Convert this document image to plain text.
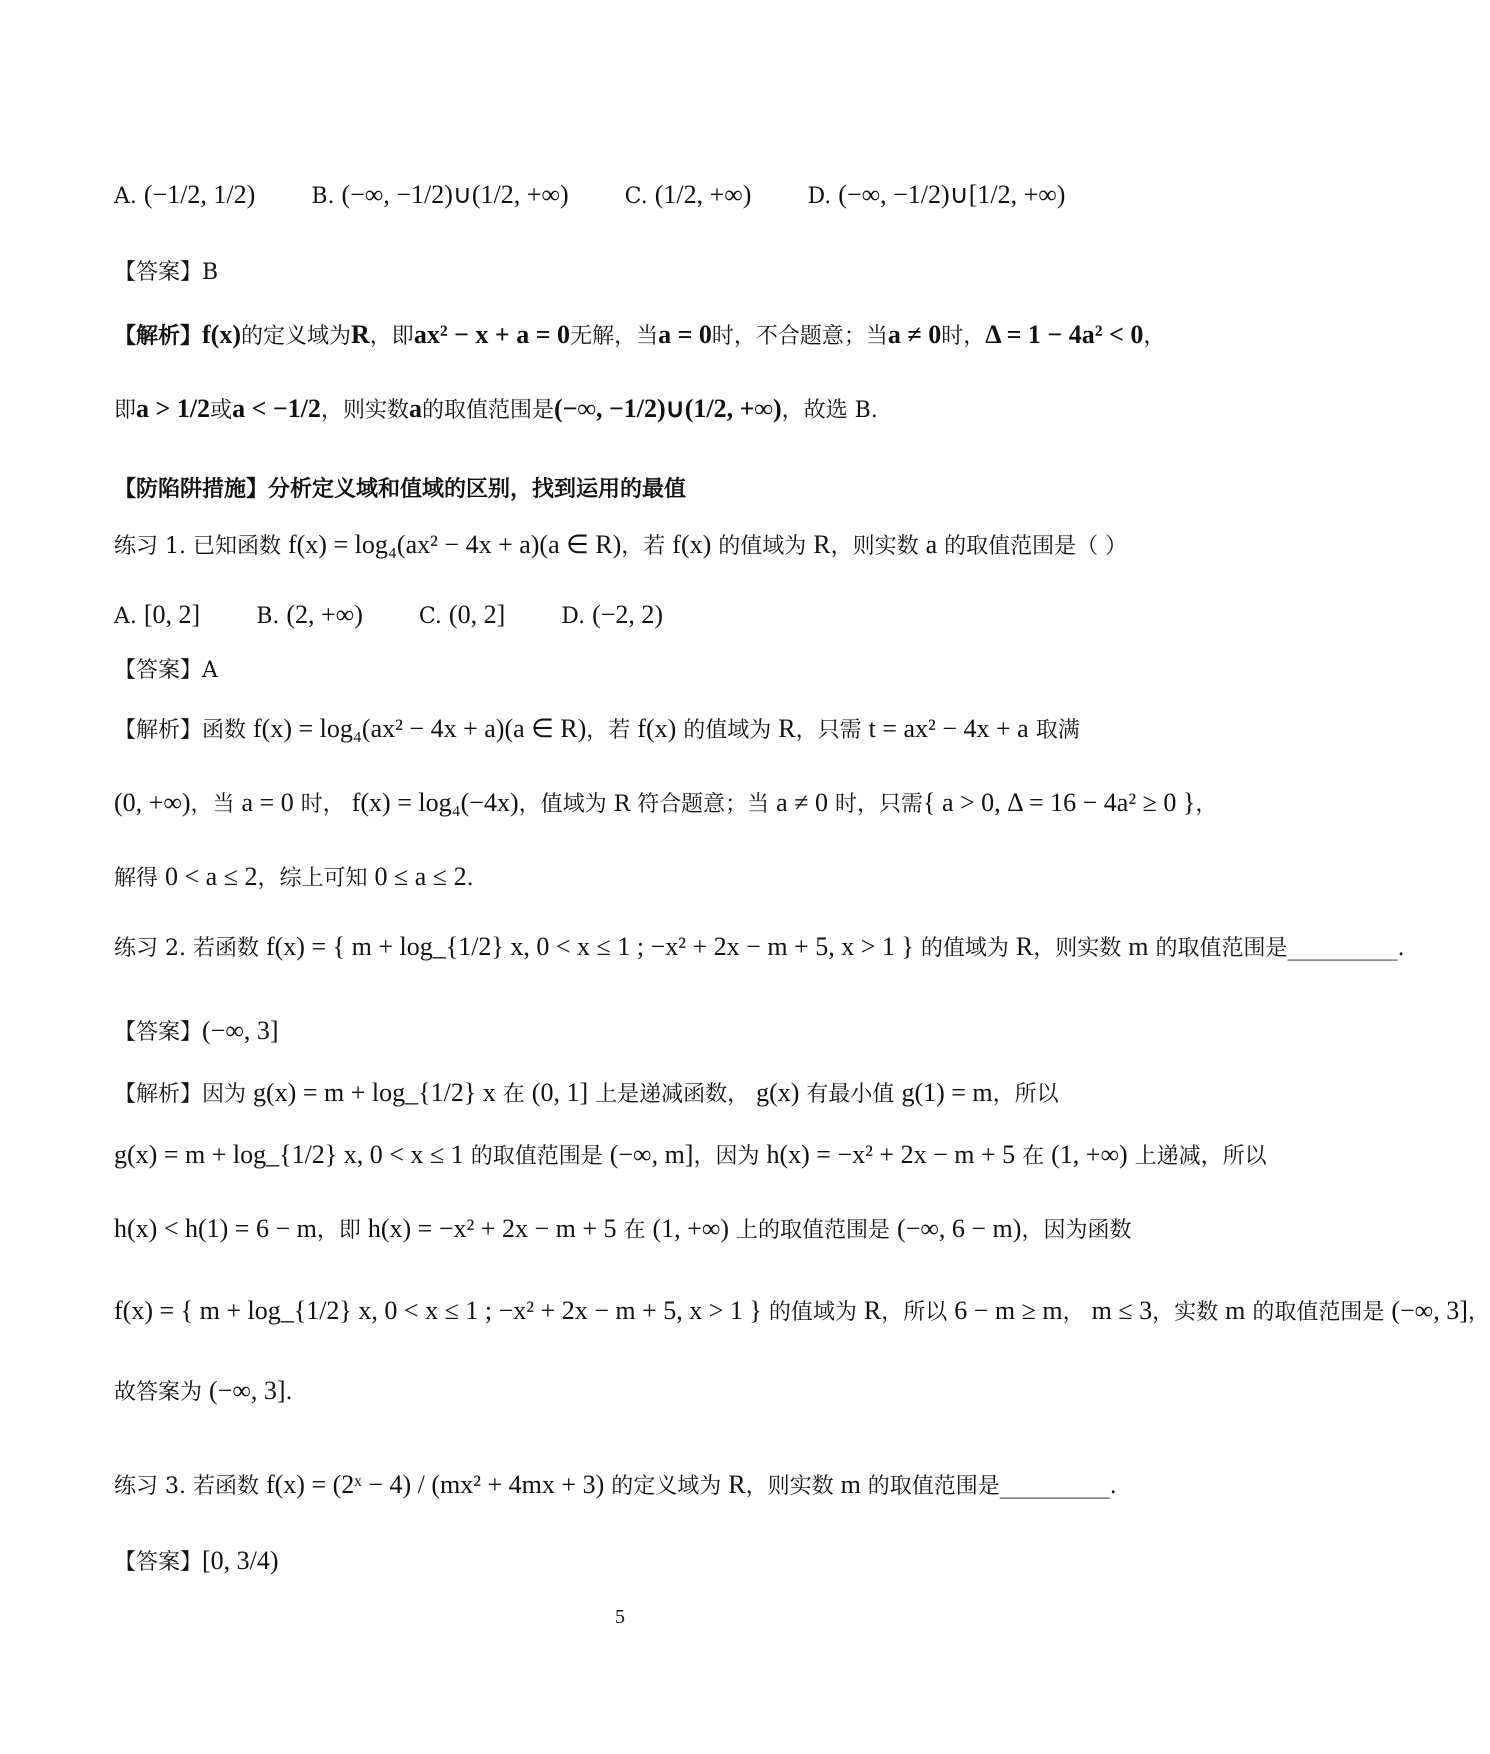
A. (−1/2, 1/2)	B. (−∞, −1/2)∪(1/2, +∞)	C. (1/2, +∞)	D. (−∞, −1/2)∪[1/2, +∞)
【答案】B
【解析】f(x)的定义域为R，即ax² − x + a = 0无解，当a = 0时，不合题意；当a ≠ 0时，Δ = 1 − 4a² < 0，
即a > 1/2或a < −1/2，则实数a的取值范围是(−∞, −1/2)∪(1/2, +∞)，故选 B.
【防陷阱措施】分析定义域和值域的区别，找到运用的最值
练习 1. 已知函数 f(x) = log₄(ax² − 4x + a)(a ∈ R)，若 f(x) 的值域为 R，则实数 a 的取值范围是（ ）
A. [0, 2]	B. (2, +∞)	C. (0, 2]	D. (−2, 2)
【答案】A
【解析】函数 f(x) = log₄(ax² − 4x + a)(a ∈ R)，若 f(x) 的值域为 R，只需 t = ax² − 4x + a 取满
(0, +∞)，当 a = 0 时， f(x) = log₄(−4x)，值域为 R 符合题意；当 a ≠ 0 时，只需{ a > 0, Δ = 16 − 4a² ≥ 0 }，
解得 0 < a ≤ 2，综上可知 0 ≤ a ≤ 2.
练习 2. 若函数 f(x) = { m + log_{1/2} x, 0 < x ≤ 1 ; −x² + 2x − m + 5, x > 1 } 的值域为 R，则实数 m 的取值范围是__________.
【答案】(−∞, 3]
【解析】因为 g(x) = m + log_{1/2} x 在 (0, 1] 上是递减函数， g(x) 有最小值 g(1) = m，所以
g(x) = m + log_{1/2} x, 0 < x ≤ 1 的取值范围是 (−∞, m]，因为 h(x) = −x² + 2x − m + 5 在 (1, +∞) 上递减，所以
h(x) < h(1) = 6 − m，即 h(x) = −x² + 2x − m + 5 在 (1, +∞) 上的取值范围是 (−∞, 6 − m)，因为函数
f(x) = { m + log_{1/2} x, 0 < x ≤ 1 ; −x² + 2x − m + 5, x > 1 } 的值域为 R，所以 6 − m ≥ m， m ≤ 3，实数 m 的取值范围是 (−∞, 3]，
故答案为 (−∞, 3].
练习 3. 若函数 f(x) = (2ˣ − 4) / (mx² + 4mx + 3) 的定义域为 R，则实数 m 的取值范围是__________.
【答案】[0, 3/4)
5
